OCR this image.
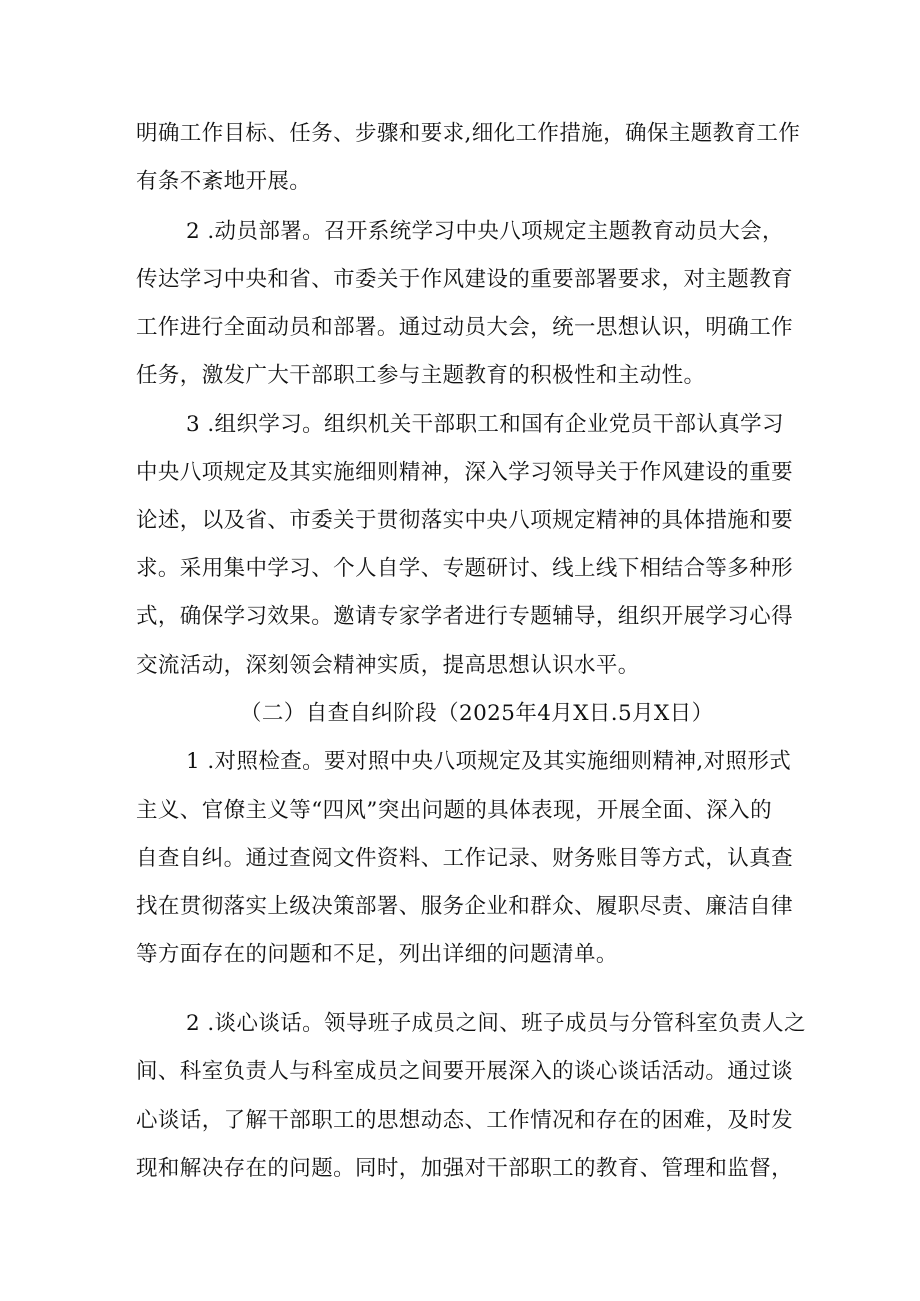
明确工作目标、任务、步骤和要求,细化工作措施，确保主题教育工作
有条不紊地开展。
2 .动员部署。召开系统学习中央八项规定主题教育动员大会，
传达学习中央和省、市委关于作风建设的重要部署要求，对主题教育
工作进行全面动员和部署。通过动员大会，统一思想认识，明确工作
任务，激发广大干部职工参与主题教育的积极性和主动性。
3 .组织学习。组织机关干部职工和国有企业党员干部认真学习
中央八项规定及其实施细则精神，深入学习领导关于作风建设的重要
论述，以及省、市委关于贯彻落实中央八项规定精神的具体措施和要
求。采用集中学习、个人自学、专题研讨、线上线下相结合等多种形
式，确保学习效果。邀请专家学者进行专题辅导，组织开展学习心得
交流活动，深刻领会精神实质，提高思想认识水平。
（二）自查自纠阶段（2025年4月X日.5月X日）
1 .对照检查。要对照中央八项规定及其实施细则精神,对照形式
主义、官僚主义等“四风”突出问题的具体表现，开展全面、深入的
自查自纠。通过查阅文件资料、工作记录、财务账目等方式，认真查
找在贯彻落实上级决策部署、服务企业和群众、履职尽责、廉洁自律
等方面存在的问题和不足，列出详细的问题清单。
2 .谈心谈话。领导班子成员之间、班子成员与分管科室负责人之
间、科室负责人与科室成员之间要开展深入的谈心谈话活动。通过谈
心谈话，了解干部职工的思想动态、工作情况和存在的困难，及时发
现和解决存在的问题。同时，加强对干部职工的教育、管理和监督，
